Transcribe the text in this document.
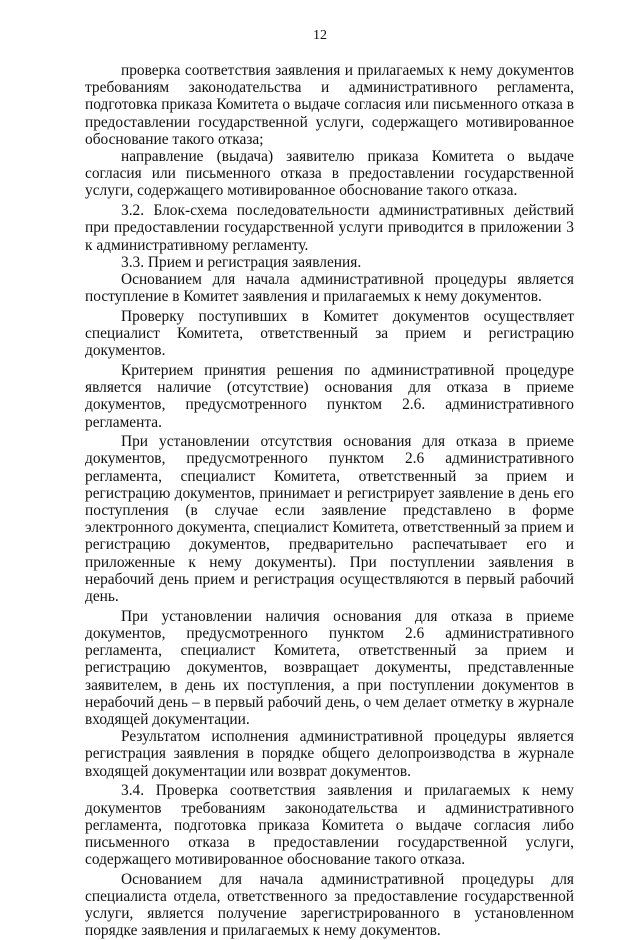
12

проверка соответствия заявления и прилагаемых к нему документов требованиям законодательства и административного регламента, подготовка приказа Комитета о выдаче согласия или письменного отказа в предоставлении государственной услуги, содержащего мотивированное обоснование такого отказа;

направление (выдача) заявителю приказа Комитета о выдаче согласия или письменного отказа в предоставлении государственной услуги, содержащего мотивированное обоснование такого отказа.

3.2. Блок-схема последовательности административных действий при предоставлении государственной услуги приводится в приложении 3 к административному регламенту.

3.3. Прием и регистрация заявления.

Основанием для начала административной процедуры является поступление в Комитет заявления и прилагаемых к нему документов.

Проверку поступивших в Комитет документов осуществляет специалист Комитета, ответственный за прием и регистрацию документов.

Критерием принятия решения по административной процедуре является наличие (отсутствие) основания для отказа в приеме документов, предусмотренного пунктом 2.6. административного регламента.

При установлении отсутствия основания для отказа в приеме документов, предусмотренного пунктом 2.6 административного регламента, специалист Комитета, ответственный за прием и регистрацию документов, принимает и регистрирует заявление в день его поступления (в случае если заявление представлено в форме электронного документа, специалист Комитета, ответственный за прием и регистрацию документов, предварительно распечатывает его и приложенные к нему документы). При поступлении заявления в нерабочий день прием и регистрация осуществляются в первый рабочий день.

При установлении наличия основания для отказа в приеме документов, предусмотренного пунктом 2.6 административного регламента, специалист Комитета, ответственный за прием и регистрацию документов, возвращает документы, представленные заявителем, в день их поступления, а при поступлении документов в нерабочий день – в первый рабочий день, о чем делает отметку в журнале входящей документации.

Результатом исполнения административной процедуры является регистрация заявления в порядке общего делопроизводства в журнале входящей документации или возврат документов.

3.4. Проверка соответствия заявления и прилагаемых к нему документов требованиям законодательства и административного регламента, подготовка приказа Комитета о выдаче согласия либо письменного отказа в предоставлении государственной услуги, содержащего мотивированное обоснование такого отказа.

Основанием для начала административной процедуры для специалиста отдела, ответственного за предоставление государственной услуги, является получение зарегистрированного в установленном порядке заявления и прилагаемых к нему документов.
